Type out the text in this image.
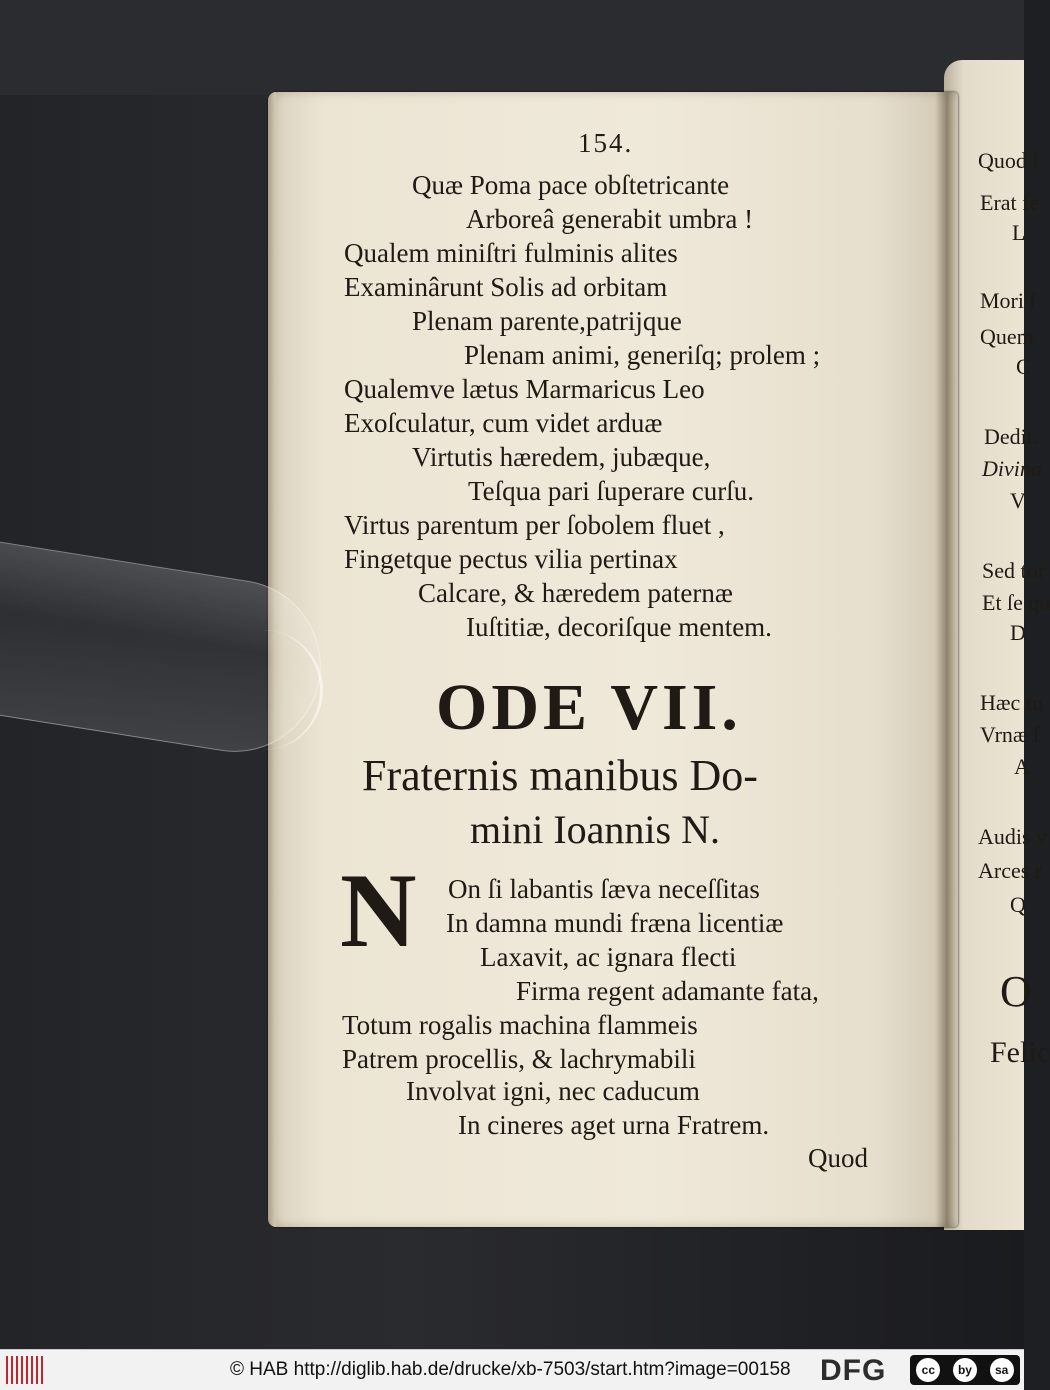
Quod l
Erat fe
L
Mori ſ
Quem
C
Dedit.
Divina
V
Sed tor
Et ſe qu
D
Hæc tu
Vrnæ ſ
A
Audis v
Arces r
Q
O
Felic
154.
Quæ Poma pace obſtetricante
Arboreâ generabit umbra !
Qualem miniſtri fulminis alites
Examinârunt Solis ad orbitam
Plenam parente,patrijque
Plenam animi, generiſq; prolem ;
Qualemve lætus Marmaricus Leo
Exoſculatur, cum videt arduæ
Virtutis hæredem, jubæque,
Teſqua pari ſuperare curſu.
Virtus parentum per ſobolem fluet ,
Fingetque pectus vilia pertinax
Calcare, & hæredem paternæ
Iuſtitiæ, decoriſque mentem.
ODE VII.
Fraternis manibus Do-
mini Ioannis N.
N On ſi labantis ſæva neceſſitas
In damna mundi fræna licentiæ
Laxavit, ac ignara flecti
Firma regent adamante fata,
Totum rogalis machina flammeis
Patrem procellis, & lachrymabili
Involvat igni, nec caducum
In cineres aget urna Fratrem.
Quod
© HAB http://diglib.hab.de/drucke/xb-7503/start.htm?image=00158 DFG	cc	by	sa
